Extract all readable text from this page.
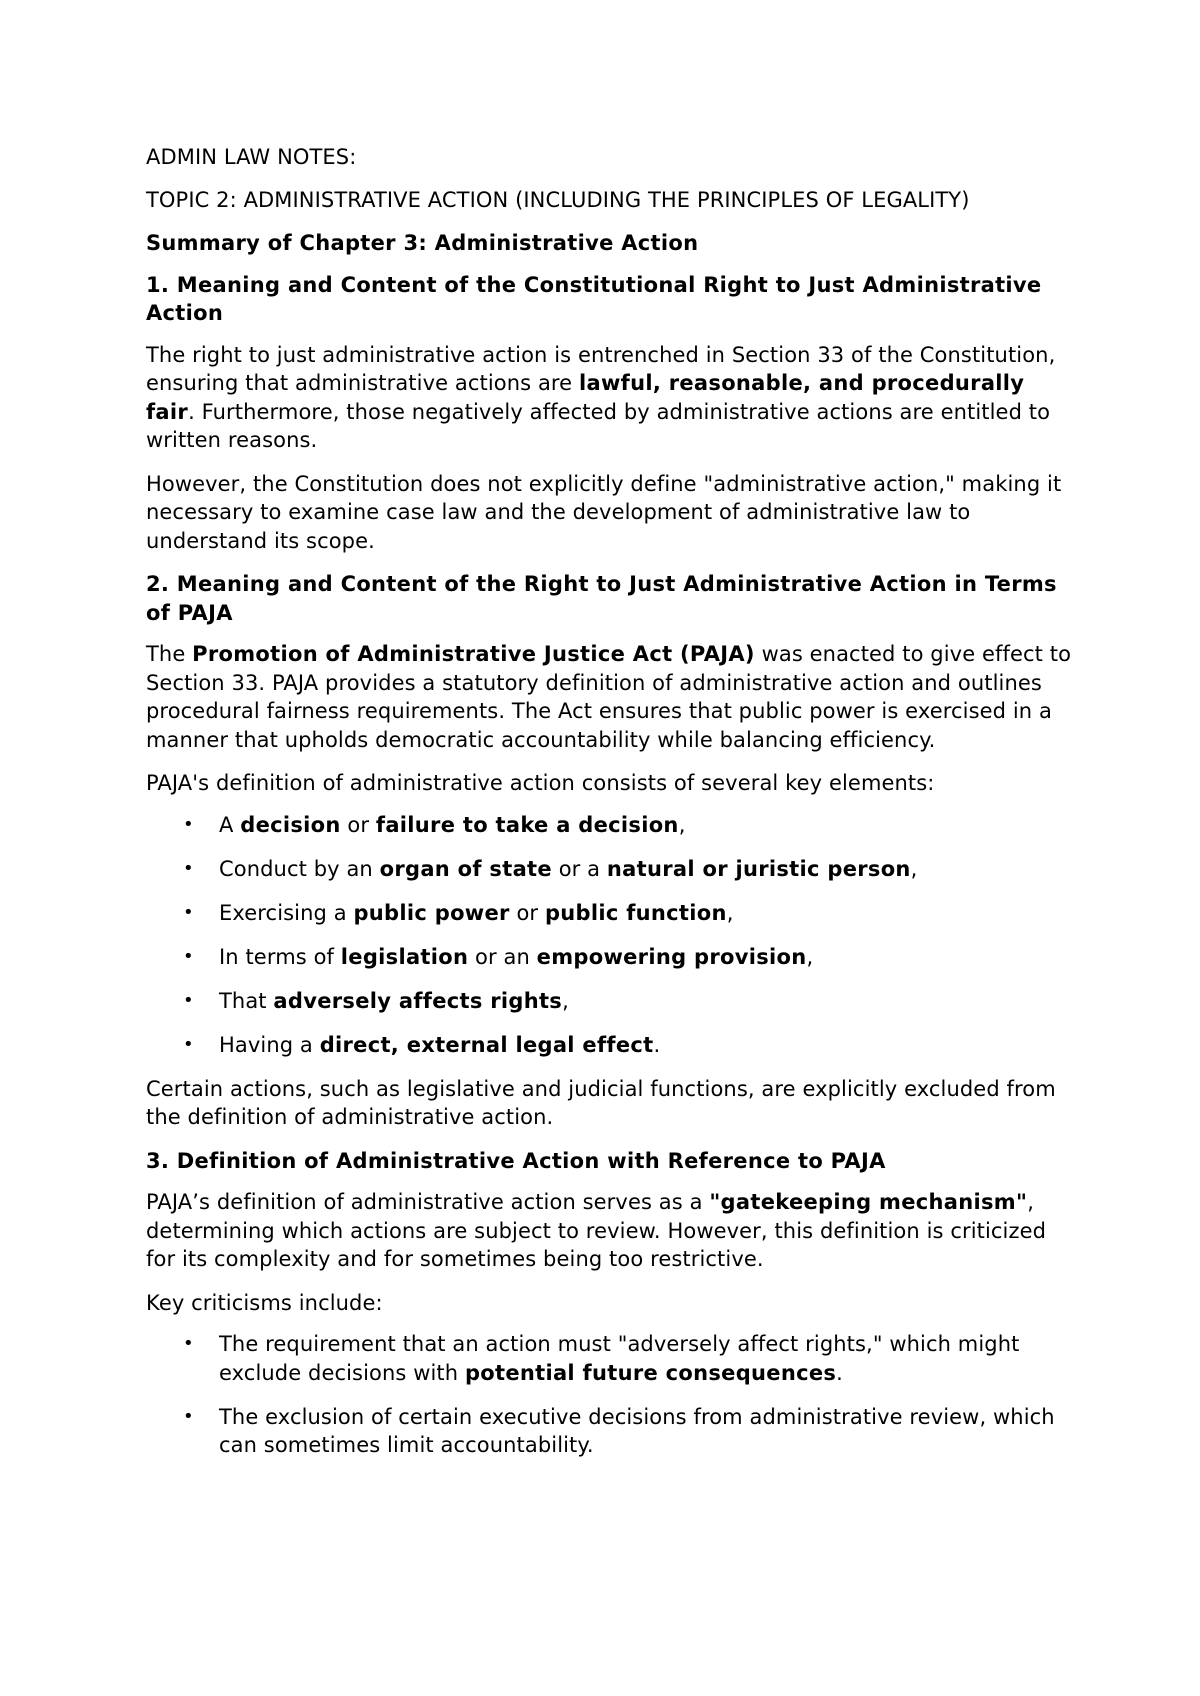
ADMIN LAW NOTES:

TOPIC 2: ADMINISTRATIVE ACTION (INCLUDING THE PRINCIPLES OF LEGALITY)

Summary of Chapter 3: Administrative Action

1. Meaning and Content of the Constitutional Right to Just Administrative Action

The right to just administrative action is entrenched in Section 33 of the Constitution, ensuring that administrative actions are lawful, reasonable, and procedurally fair. Furthermore, those negatively affected by administrative actions are entitled to written reasons.

However, the Constitution does not explicitly define "administrative action," making it necessary to examine case law and the development of administrative law to understand its scope.

2. Meaning and Content of the Right to Just Administrative Action in Terms of PAJA

The Promotion of Administrative Justice Act (PAJA) was enacted to give effect to Section 33. PAJA provides a statutory definition of administrative action and outlines procedural fairness requirements. The Act ensures that public power is exercised in a manner that upholds democratic accountability while balancing efficiency.

PAJA's definition of administrative action consists of several key elements:

• A decision or failure to take a decision,
• Conduct by an organ of state or a natural or juristic person,
• Exercising a public power or public function,
• In terms of legislation or an empowering provision,
• That adversely affects rights,
• Having a direct, external legal effect.

Certain actions, such as legislative and judicial functions, are explicitly excluded from the definition of administrative action.

3. Definition of Administrative Action with Reference to PAJA

PAJA’s definition of administrative action serves as a "gatekeeping mechanism", determining which actions are subject to review. However, this definition is criticized for its complexity and for sometimes being too restrictive.

Key criticisms include:

• The requirement that an action must "adversely affect rights," which might exclude decisions with potential future consequences.
• The exclusion of certain executive decisions from administrative review, which can sometimes limit accountability.
